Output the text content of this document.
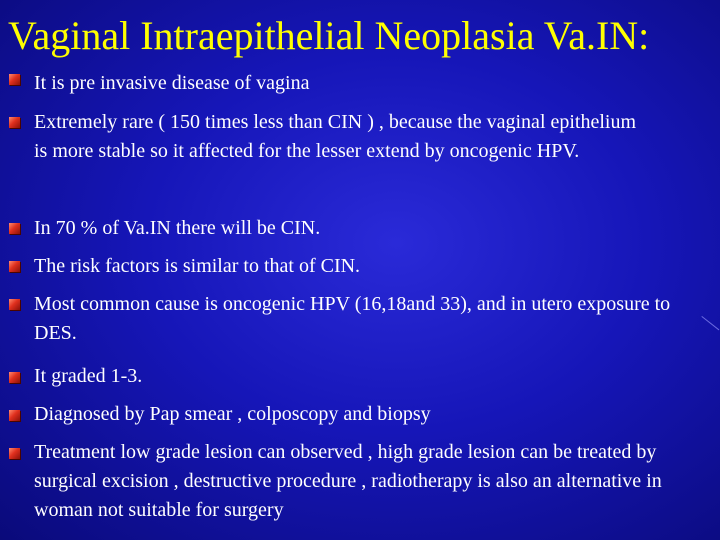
Vaginal Intraepithelial Neoplasia Va.IN:
It is pre invasive disease of vagina
Extremely rare ( 150 times less than CIN ) , because the vaginal epithelium is more stable so it affected for the lesser extend by oncogenic HPV.
In 70 % of Va.IN there will be CIN.
The risk factors is similar to that of CIN.
Most common cause is oncogenic HPV (16,18and 33), and in utero exposure to DES.
It graded 1-3.
Diagnosed by Pap smear , colposcopy and biopsy
Treatment low grade lesion can observed , high grade lesion can be treated by surgical excision , destructive procedure , radiotherapy is also an alternative in woman not suitable for surgery
